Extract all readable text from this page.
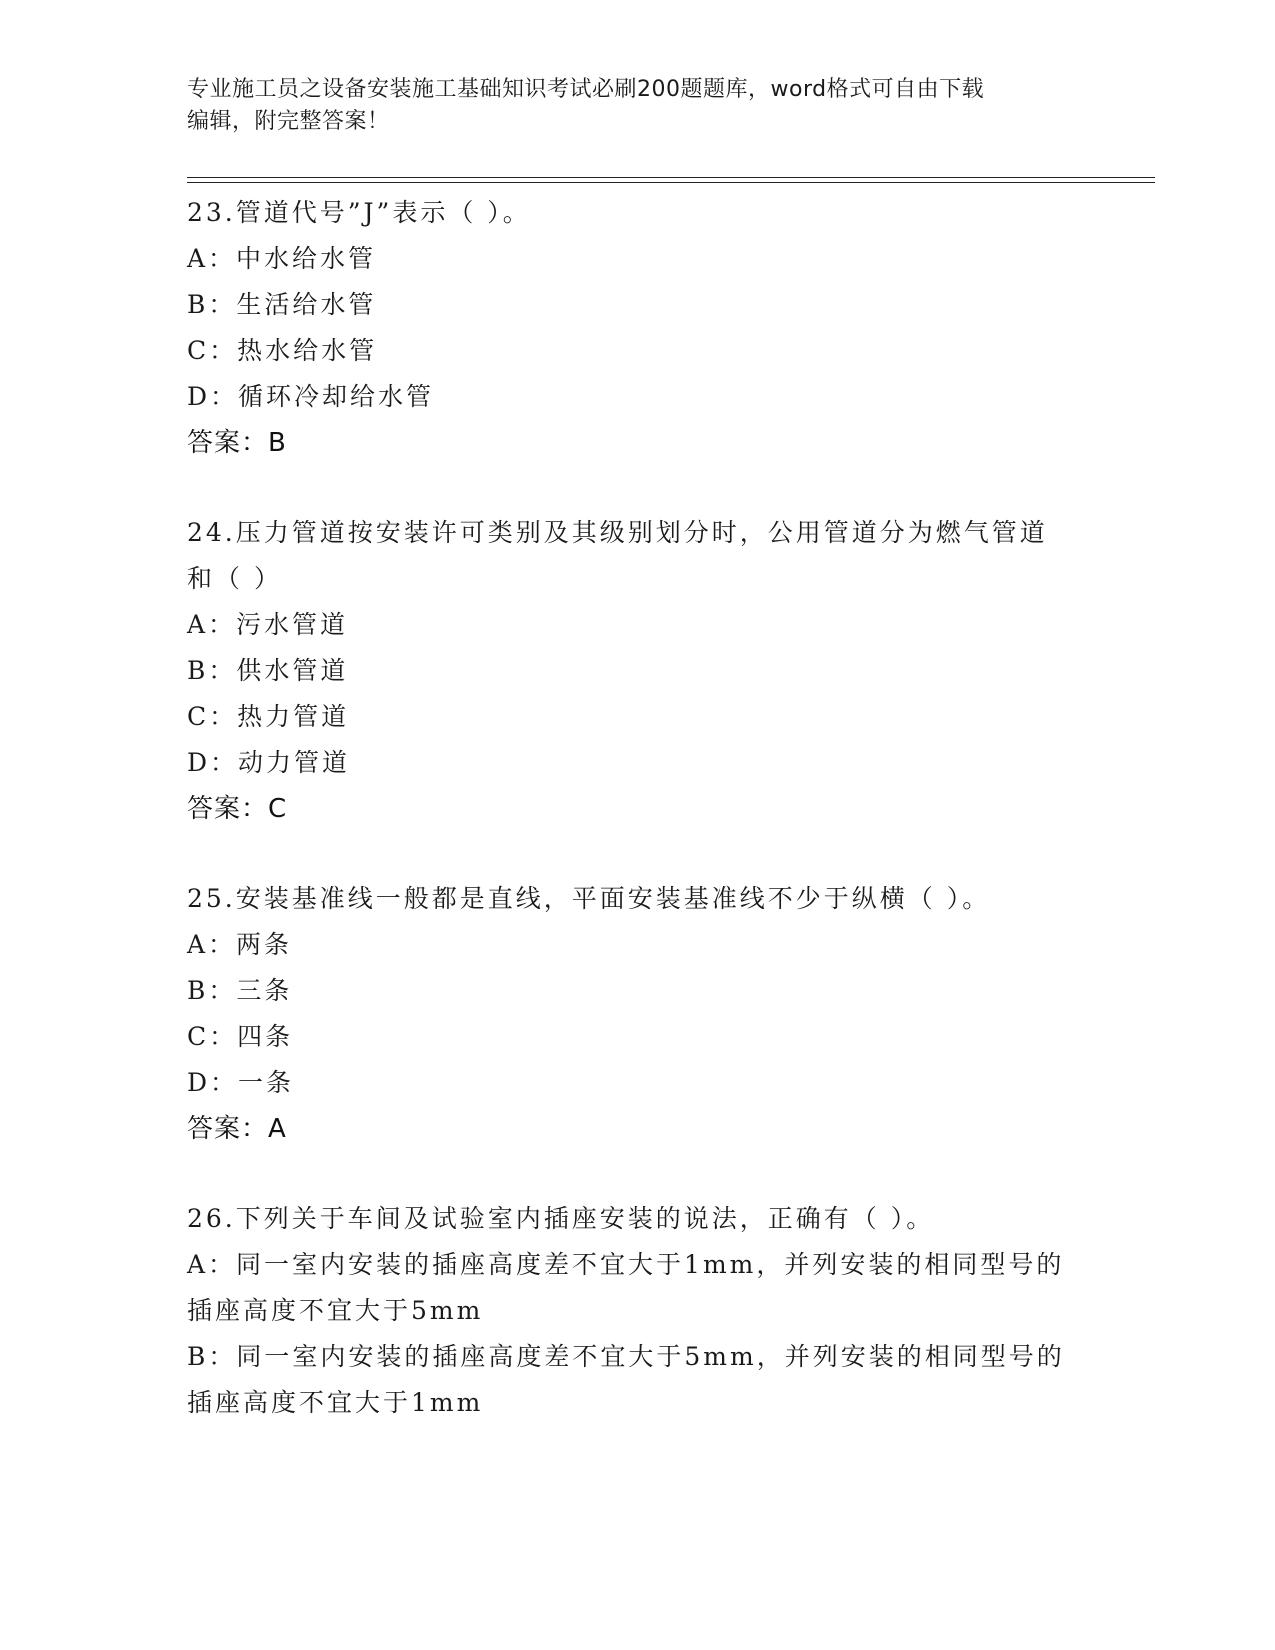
专业施工员之设备安装施工基础知识考试必刷200题题库，word格式可自由下载
编辑，附完整答案！
23.管道代号”J”表示（ ）。
A：中水给水管
B：生活给水管
C：热水给水管
D：循环冷却给水管
答案：B
24.压力管道按安装许可类别及其级别划分时，公用管道分为燃气管道
和（ ）
A：污水管道
B：供水管道
C：热力管道
D：动力管道
答案：C
25.安装基准线一般都是直线，平面安装基准线不少于纵横（ ）。
A：两条
B：三条
C：四条
D：一条
答案：A
26.下列关于车间及试验室内插座安装的说法，正确有（ ）。
A：同一室内安装的插座高度差不宜大于1mm，并列安装的相同型号的
插座高度不宜大于5mm
B：同一室内安装的插座高度差不宜大于5mm，并列安装的相同型号的
插座高度不宜大于1mm
